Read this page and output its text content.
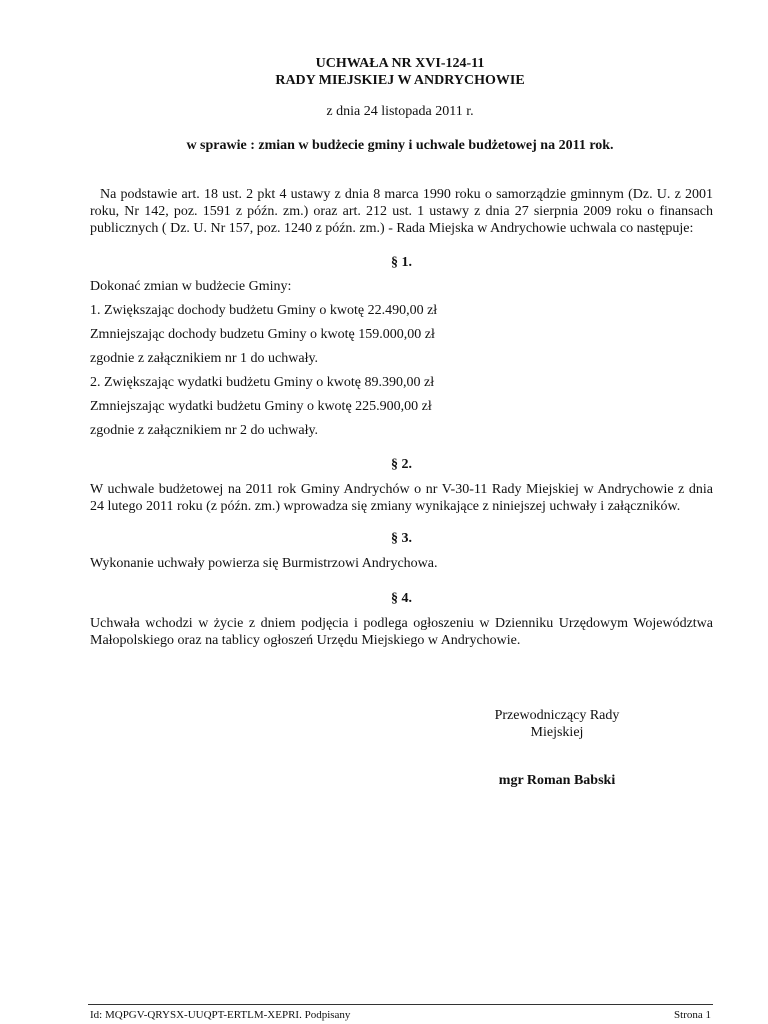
UCHWAŁA NR XVI-124-11
RADY MIEJSKIEJ W ANDRYCHOWIE
z dnia 24 listopada 2011 r.
w sprawie : zmian w budżecie gminy i uchwale budżetowej na 2011 rok.
Na podstawie art. 18 ust. 2 pkt 4 ustawy z dnia 8 marca 1990 roku o samorządzie gminnym (Dz. U. z 2001 roku, Nr 142, poz. 1591 z późn. zm.) oraz art. 212 ust. 1 ustawy z dnia 27 sierpnia 2009 roku o finansach publicznych ( Dz. U. Nr 157, poz. 1240 z późn. zm.) - Rada Miejska w Andrychowie uchwala co następuje:
§ 1.
Dokonać zmian w budżecie Gminy:
1. Zwiększając dochody budżetu Gminy o kwotę 22.490,00 zł
Zmniejszając dochody budzetu Gminy o kwotę 159.000,00 zł
zgodnie z załącznikiem nr 1 do uchwały.
2. Zwiększając wydatki budżetu Gminy o kwotę 89.390,00 zł
Zmniejszając wydatki budżetu Gminy o kwotę 225.900,00 zł
zgodnie z załącznikiem nr 2 do uchwały.
§ 2.
W uchwale budżetowej na 2011 rok Gminy Andrychów o nr V-30-11 Rady Miejskiej w Andrychowie z dnia 24 lutego 2011 roku (z późn. zm.) wprowadza się zmiany wynikające z niniejszej uchwały i załączników.
§ 3.
Wykonanie uchwały powierza się Burmistrzowi Andrychowa.
§ 4.
Uchwała wchodzi w życie z dniem podjęcia i podlega ogłoszeniu w Dzienniku Urzędowym Województwa Małopolskiego oraz na tablicy ogłoszeń Urzędu Miejskiego w Andrychowie.
Przewodniczący Rady
Miejskiej
mgr Roman Babski
Id: MQPGV-QRYSX-UUQPT-ERTLM-XEPRI. Podpisany	Strona 1
